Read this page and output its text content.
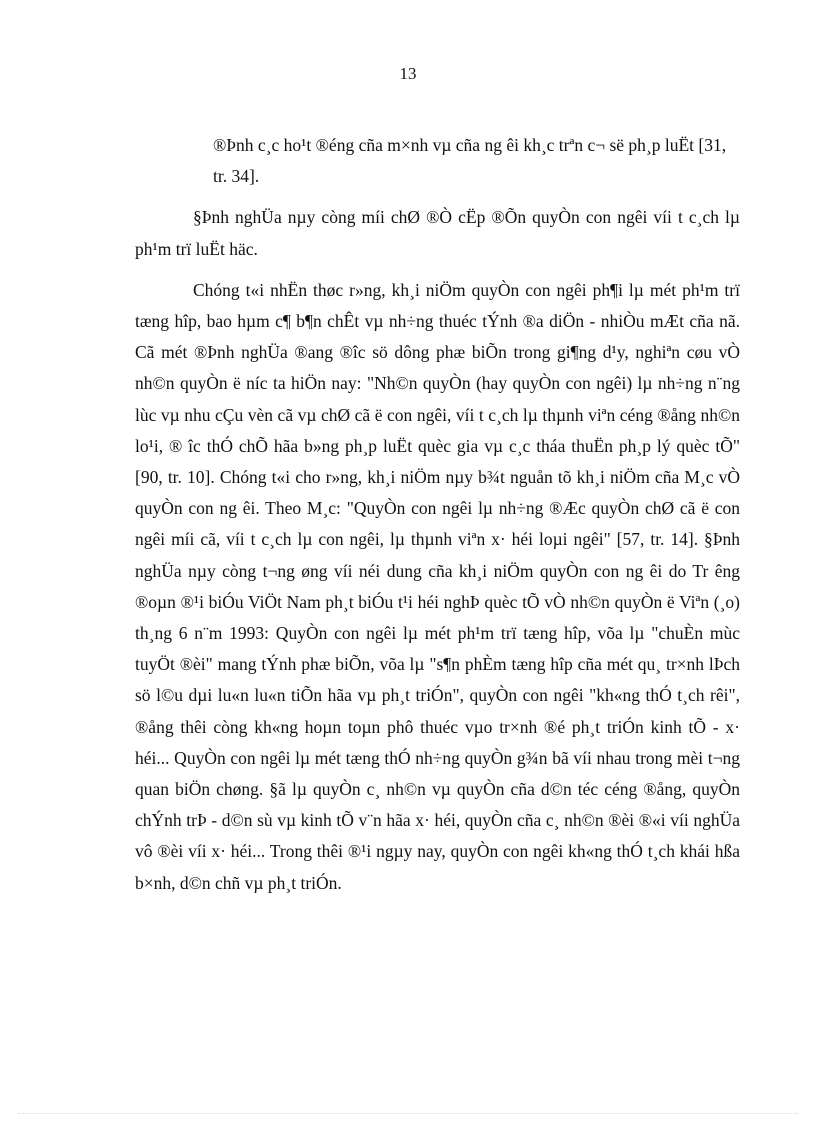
13

®Þnh c¸c ho¹t ®éng cña m×nh vµ cña ng êi kh¸c trªn c¬ së ph¸p luËt [31, tr. 34].

§Þnh nghÜa nµy còng míi chØ ®Ò cËp ®Õn quyÒn con ngêi víi t c¸ch lµ ph¹m trï luËt häc.

Chóng t«i nhËn thøc r»ng, kh¸i niÖm quyÒn con ngêi ph¶i lµ mét ph¹m trï tæng hîp, bao hµm c¶ b¶n chÊt vµ nh÷ng thuéc tÝnh ®a diÖn - nhiÒu mÆt cña nã. Cã mét ®Þnh nghÜa ®ang ®îc sö dông phæ biÕn trong gi¶ng d¹y, nghiªn cøu vÒ nh©n quyÒn ë níc ta hiÖn nay: "Nh©n quyÒn (hay quyÒn con ngêi) lµ nh÷ng n¨ng lùc vµ nhu cÇu vèn cã vµ chØ cã ë con ngêi, víi t c¸ch lµ thµnh viªn céng ®ång nh©n lo¹i, ® îc thÓ chÕ hãa b»ng ph¸p luËt quèc gia vµ c¸c tháa thuËn ph¸p lý quèc tÕ" [90, tr. 10]. Chóng t«i cho r»ng, kh¸i niÖm nµy b¾t nguån tõ kh¸i niÖm cña M¸c vÒ quyÒn con ng êi. Theo M¸c: "QuyÒn con ngêi lµ nh÷ng ®Æc quyÒn chØ cã ë con ngêi míi cã, víi t c¸ch lµ con ngêi, lµ thµnh viªn x· héi loµi ngêi" [57, tr. 14]. §Þnh nghÜa nµy còng t¬ng øng víi néi dung cña kh¸i niÖm quyÒn con ng êi do Tr êng ®oµn ®¹i biÓu ViÖt Nam ph¸t biÓu t¹i héi nghÞ quèc tÕ vÒ nh©n quyÒn ë Viªn (¸o) th¸ng 6 n¨m 1993: QuyÒn con ngêi lµ mét ph¹m trï tæng hîp, võa lµ "chuÈn mùc tuyÖt ®èi" mang tÝnh phæ biÕn, võa lµ "s¶n phÈm tæng hîp cña mét qu¸ tr×nh lÞch sö l©u dµi lu«n lu«n tiÕn hãa vµ ph¸t triÓn", quyÒn con ngêi "kh«ng thÓ t¸ch rêi", ®ång thêi còng kh«ng hoµn toµn phô thuéc vµo tr×nh ®é ph¸t triÓn kinh tÕ - x· héi... QuyÒn con ngêi lµ mét tæng thÓ nh÷ng quyÒn g¾n bã víi nhau trong mèi t¬ng quan biÖn chøng. §ã lµ quyÒn c¸ nh©n vµ quyÒn cña d©n téc céng ®ång, quyÒn chÝnh trÞ - d©n sù vµ kinh tÕ v¨n hãa x· héi, quyÒn cña c¸ nh©n ®èi ®«i víi nghÜa vô ®èi víi x· héi... Trong thêi ®¹i ngµy nay, quyÒn con ngêi kh«ng thÓ t¸ch khái hßa b×nh, d©n chñ vµ ph¸t triÓn.
